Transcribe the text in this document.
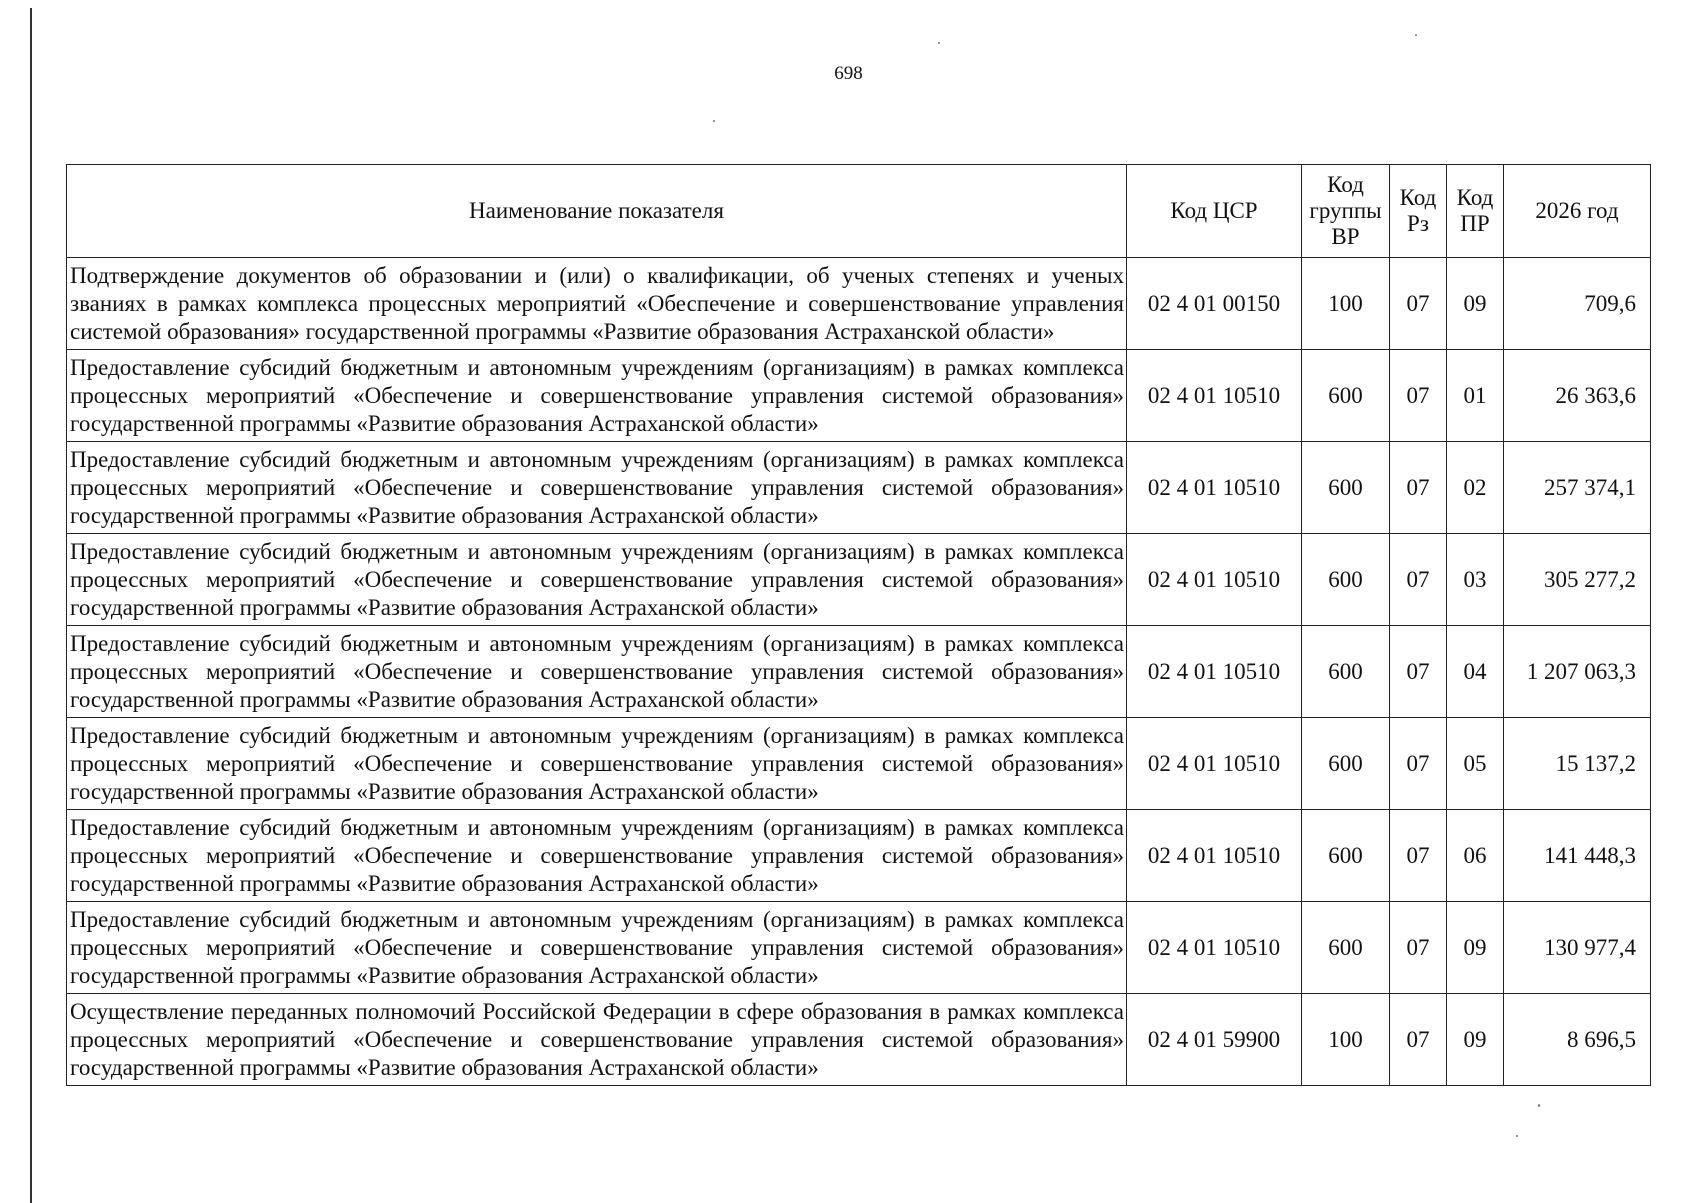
698
Наименование показателя	Код ЦСР	Код группы ВР	Код Рз	Код ПР	2026 год
Подтверждение документов об образовании и (или) о квалификации, об ученых степенях и ученых званиях в рамках комплекса процессных мероприятий «Обеспечение и совершенствование управления системой образования» государственной программы «Развитие образования Астраханской области»	02 4 01 00150	100	07	09	709,6
Предоставление субсидий бюджетным и автономным учреждениям (организациям) в рамках комплекса процессных мероприятий «Обеспечение и совершенствование управления системой образования» государственной программы «Развитие образования Астраханской области»	02 4 01 10510	600	07	01	26 363,6
Предоставление субсидий бюджетным и автономным учреждениям (организациям) в рамках комплекса процессных мероприятий «Обеспечение и совершенствование управления системой образования» государственной программы «Развитие образования Астраханской области»	02 4 01 10510	600	07	02	257 374,1
Предоставление субсидий бюджетным и автономным учреждениям (организациям) в рамках комплекса процессных мероприятий «Обеспечение и совершенствование управления системой образования» государственной программы «Развитие образования Астраханской области»	02 4 01 10510	600	07	03	305 277,2
Предоставление субсидий бюджетным и автономным учреждениям (организациям) в рамках комплекса процессных мероприятий «Обеспечение и совершенствование управления системой образования» государственной программы «Развитие образования Астраханской области»	02 4 01 10510	600	07	04	1 207 063,3
Предоставление субсидий бюджетным и автономным учреждениям (организациям) в рамках комплекса процессных мероприятий «Обеспечение и совершенствование управления системой образования» государственной программы «Развитие образования Астраханской области»	02 4 01 10510	600	07	05	15 137,2
Предоставление субсидий бюджетным и автономным учреждениям (организациям) в рамках комплекса процессных мероприятий «Обеспечение и совершенствование управления системой образования» государственной программы «Развитие образования Астраханской области»	02 4 01 10510	600	07	06	141 448,3
Предоставление субсидий бюджетным и автономным учреждениям (организациям) в рамках комплекса процессных мероприятий «Обеспечение и совершенствование управления системой образования» государственной программы «Развитие образования Астраханской области»	02 4 01 10510	600	07	09	130 977,4
Осуществление переданных полномочий Российской Федерации в сфере образования в рамках комплекса процессных мероприятий «Обеспечение и совершенствование управления системой образования» государственной программы «Развитие образования Астраханской области»	02 4 01 59900	100	07	09	8 696,5
